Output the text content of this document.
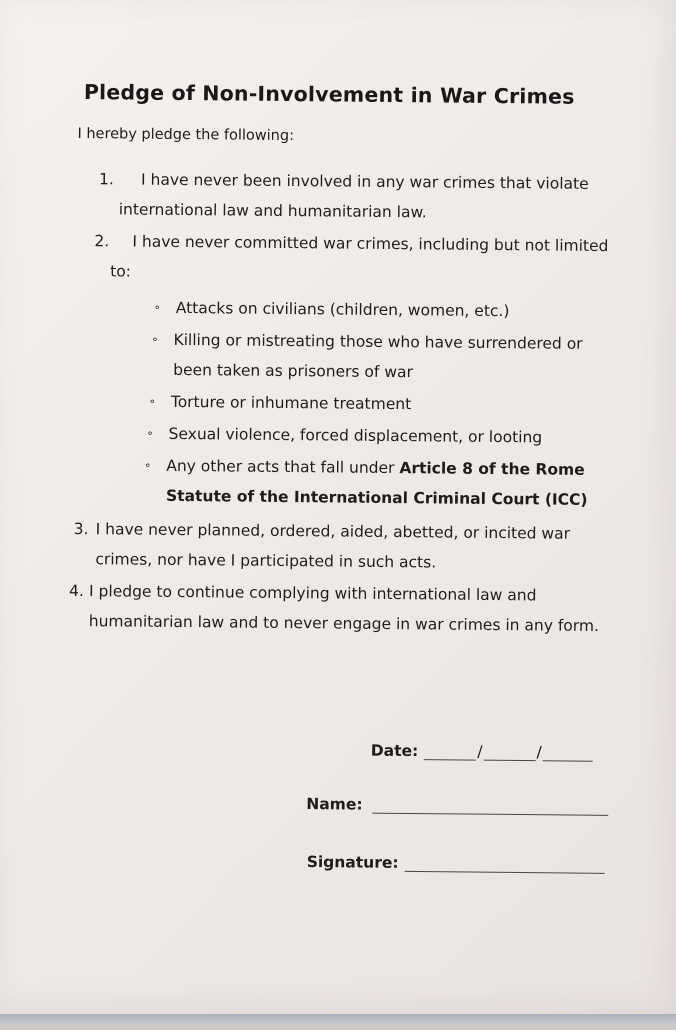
Pledge of Non-Involvement in War Crimes

I hereby pledge the following:

1.	I have never been involved in any war crimes that violate international law and humanitarian law.
2.	I have never committed war crimes, including but not limited to:
∘ Attacks on civilians (children, women, etc.)
∘ Killing or mistreating those who have surrendered or been taken as prisoners of war
∘ Torture or inhumane treatment
∘ Sexual violence, forced displacement, or looting
∘ Any other acts that fall under Article 8 of the Rome Statute of the International Criminal Court (ICC)
3. I have never planned, ordered, aided, abetted, or incited war crimes, nor have I participated in such acts.
4. I pledge to continue complying with international law and humanitarian law and to never engage in war crimes in any form.
Date:	/	/
Name:
Signature:
